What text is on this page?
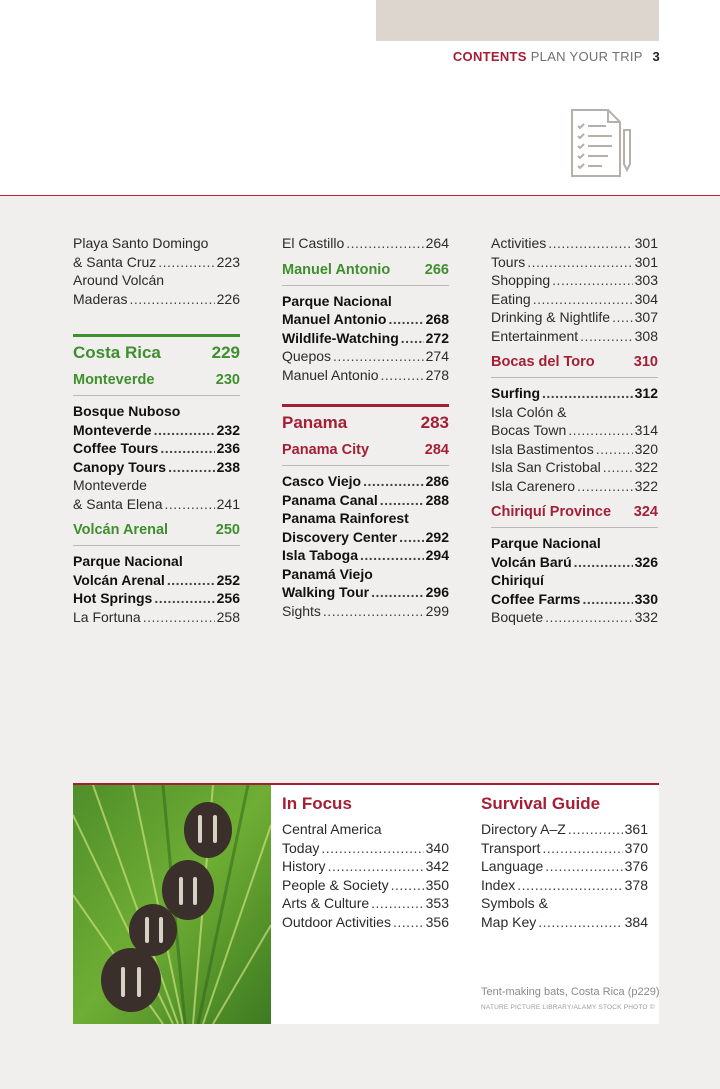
CONTENTS PLAN YOUR TRIP 3
Playa Santo Domingo
& Santa Cruz .....	223
Around Volcán
Maderas .....	226
Costa Rica	229
Monteverde	230
Bosque Nuboso
Monteverde .....	232
Coffee Tours .....	236
Canopy Tours .....	238
Monteverde
& Santa Elena .....	241
Volcán Arenal	250
Parque Nacional
Volcán Arenal .....	252
Hot Springs .....	256
La Fortuna .....	258
El Castillo .....	264
Manuel Antonio 266
Parque Nacional
Manuel Antonio .....	268
Wildlife-Watching ..... 272
Quepos .....	274
Manuel Antonio .....	278
Panama	283
Panama City	284
Casco Viejo .....	286
Panama Canal .....	288
Panama Rainforest
Discovery Center ..... 292
Isla Taboga .....	294
Panamá Viejo
Walking Tour .....	296
Sights .....	299
Activities .....	301
Tours .....	301
Shopping .....	303
Eating .....	304
Drinking & Nightlife ..... 307
Entertainment .....	308
Bocas del Toro	310
Surfing .....	312
Isla Colón &
Bocas Town .....	314
Isla Bastimentos .....	320
Isla San Cristobal ..... 322
Isla Carenero .....	322
Chiriquí Province 324
Parque Nacional
Volcán Barú .....	326
Chiriquí
Coffee Farms .....	330
Boquete .....	332
In Focus
Central America
Today .....	340
History .....	342
People & Society .....	350
Arts & Culture .....	353
Outdoor Activities ..... 356
Survival Guide
Directory A–Z .....	361
Transport .....	370
Language .....	376
Index .....	378
Symbols &
Map Key .....	384
Tent-making bats, Costa Rica (p229)
NATURE PICTURE LIBRARY/ALAMY STOCK PHOTO ©
